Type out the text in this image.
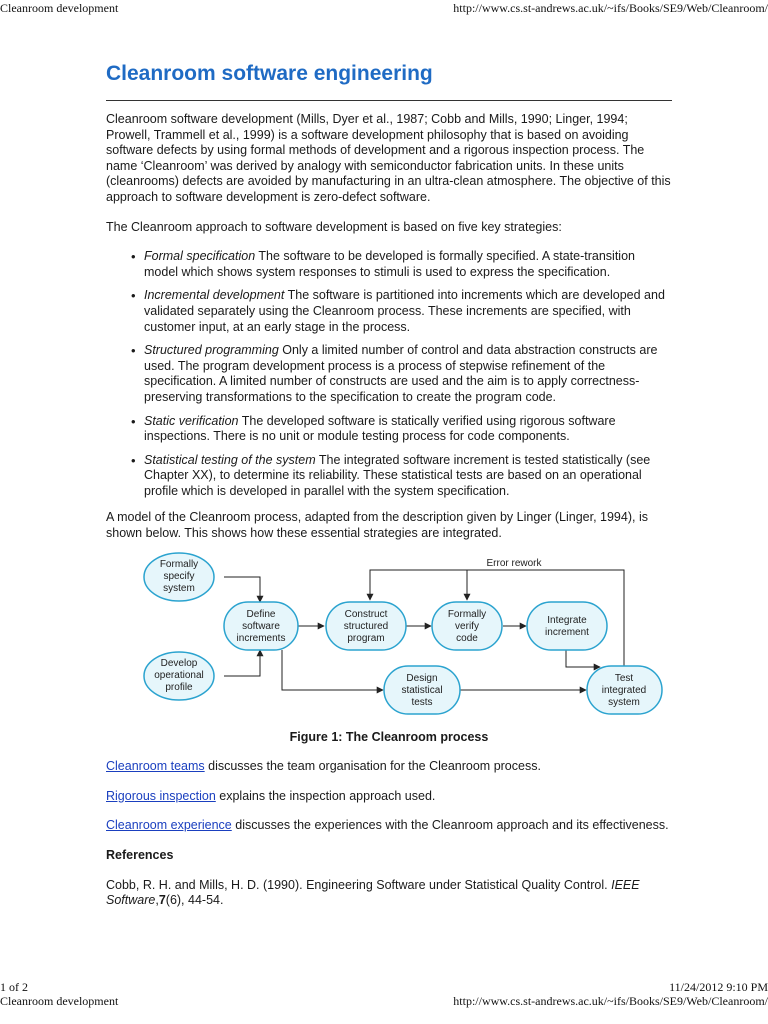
Cleanroom development	http://www.cs.st-andrews.ac.uk/~ifs/Books/SE9/Web/Cleanroom/
Cleanroom software engineering

Cleanroom software development (Mills, Dyer et al., 1987; Cobb and Mills, 1990; Linger, 1994; Prowell, Trammell et al., 1999) is a software development philosophy that is based on avoiding software defects by using formal methods of development and a rigorous inspection process. The name ‘Cleanroom’ was derived by analogy with semiconductor fabrication units. In these units (cleanrooms) defects are avoided by manufacturing in an ultra-clean atmosphere. The objective of this approach to software development is zero-defect software.

The Cleanroom approach to software development is based on five key strategies:

• Formal specification The software to be developed is formally specified. A state-transition model which shows system responses to stimuli is used to express the specification.
• Incremental development The software is partitioned into increments which are developed and validated separately using the Cleanroom process. These increments are specified, with customer input, at an early stage in the process.
• Structured programming Only a limited number of control and data abstraction constructs are used. The program development process is a process of stepwise refinement of the specification. A limited number of constructs are used and the aim is to apply correctness-preserving transformations to the specification to create the program code.
• Static verification The developed software is statically verified using rigorous software inspections. There is no unit or module testing process for code components.
• Statistical testing of the system The integrated software increment is tested statistically (see Chapter XX), to determine its reliability. These statistical tests are based on an operational profile which is developed in parallel with the system specification.

A model of the Cleanroom process, adapted from the description given by Linger (Linger, 1994), is shown below. This shows how these essential strategies are integrated.

Error rework
Formally
specify
system
Develop
operational
profile
Define
software
increments
Construct
structured
program
Formally
verify
code
Integrate
increment
Design
statistical
tests
Test
integrated
system

Figure 1: The Cleanroom process

Cleanroom teams discusses the team organisation for the Cleanroom process.

Rigorous inspection explains the inspection approach used.

Cleanroom experience discusses the experiences with the Cleanroom approach and its effectiveness.

References

Cobb, R. H. and Mills, H. D. (1990). Engineering Software under Statistical Quality Control. IEEE Software,7(6), 44-54.

1 of 2	11/24/2012 9:10 PM
Cleanroom development	http://www.cs.st-andrews.ac.uk/~ifs/Books/SE9/Web/Cleanroom/
